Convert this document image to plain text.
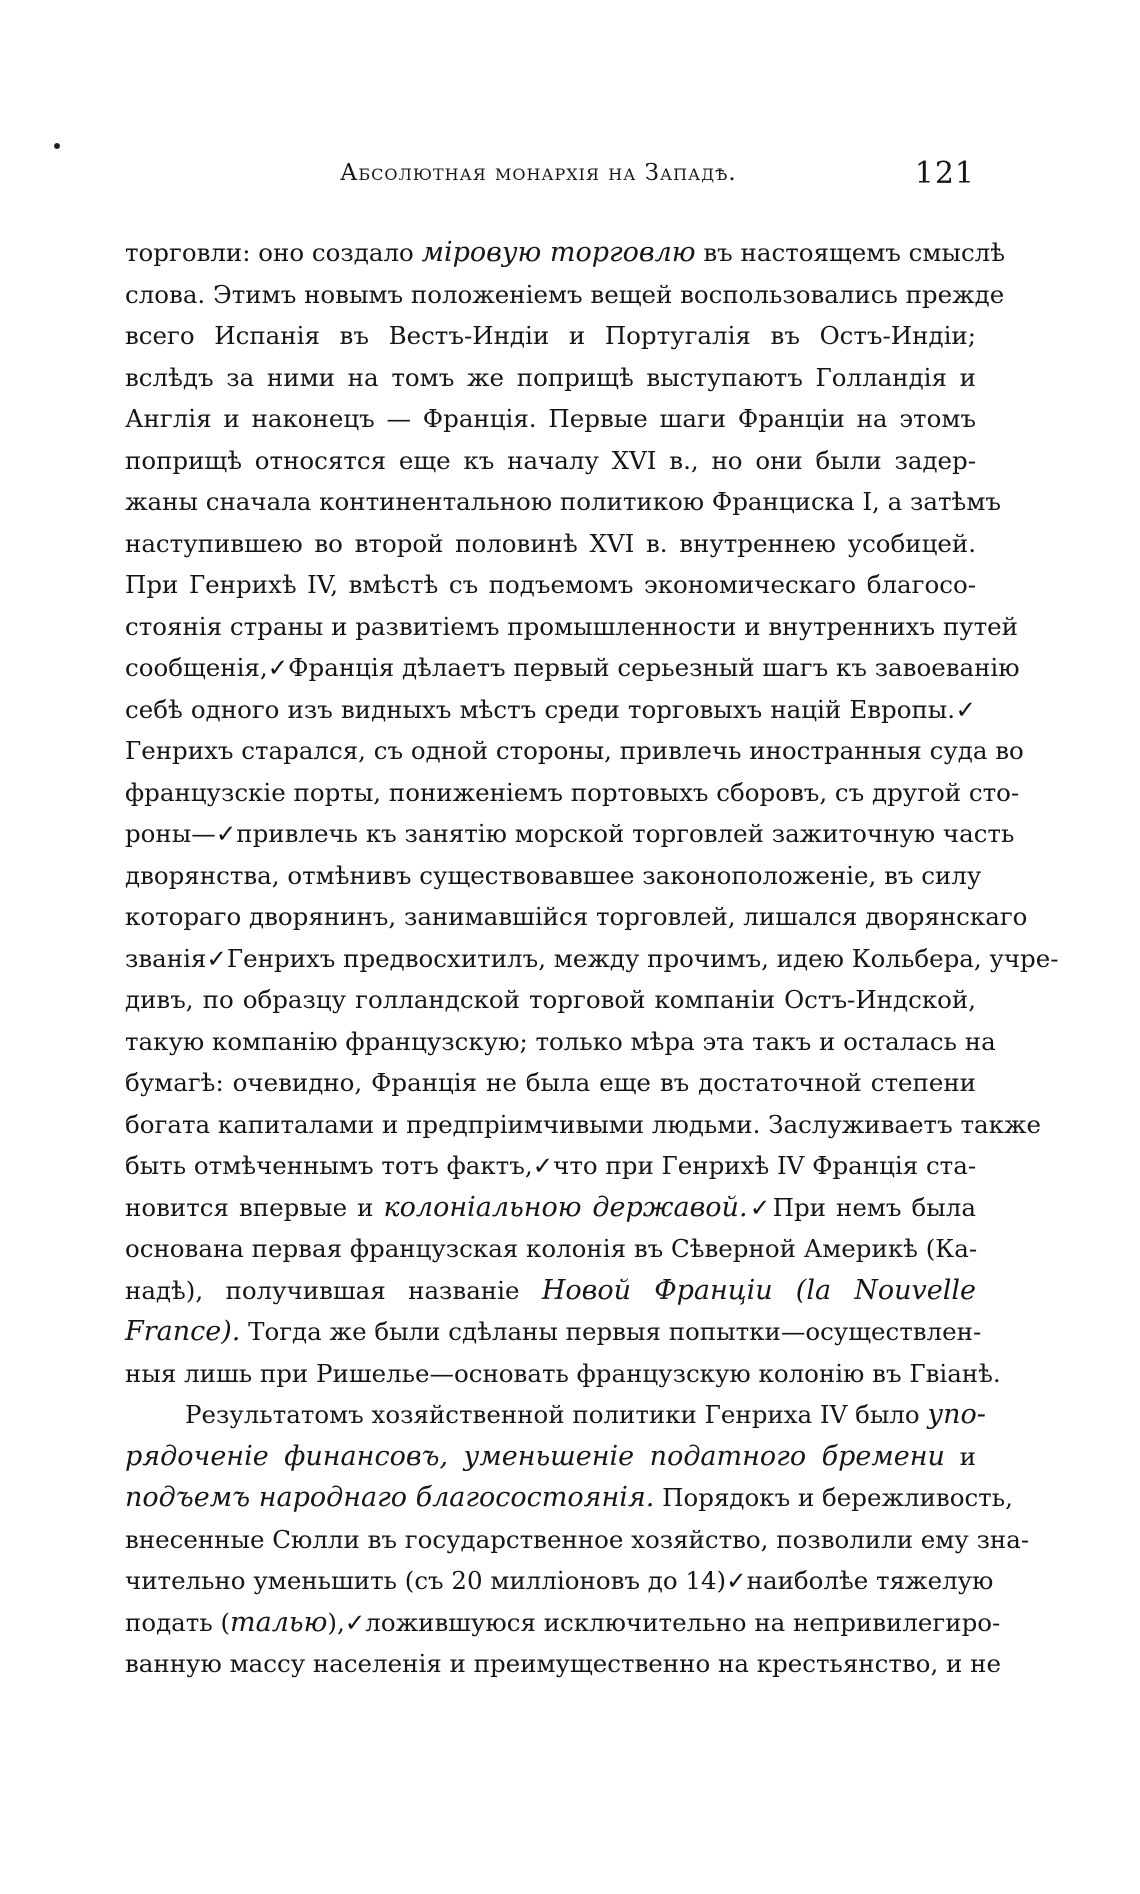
Абсолютная монархія на Западѣ.	121
торговли: оно создало міровую торговлю въ настоящемъ смыслѣ
слова. Этимъ новымъ положеніемъ вещей воспользовались прежде
всего Испанія въ Вестъ-Индіи и Португалія въ Остъ-Индіи;
вслѣдъ за ними на томъ же поприщѣ выступаютъ Голландія и
Англія и наконецъ — Франція. Первые шаги Франціи на этомъ
поприщѣ относятся еще къ началу XVI в., но они были задер-
жаны сначала континентальною политикою Франциска I, а затѣмъ
наступившею во второй половинѣ XVI в. внутреннею усобицей.
При Генрихѣ IV, вмѣстѣ съ подъемомъ экономическаго благосо-
стоянія страны и развитіемъ промышленности и внутреннихъ путей
сообщенія,✓Франція дѣлаетъ первый серьезный шагъ къ завоеванію
себѣ одного изъ видныхъ мѣстъ среди торговыхъ націй Европы.✓
Генрихъ старался, съ одной стороны, привлечь иностранныя суда во
французскіе порты, пониженіемъ портовыхъ сборовъ, съ другой сто-
роны—✓привлечь къ занятію морской торговлей зажиточную часть
дворянства, отмѣнивъ существовавшее законоположеніе, въ силу
котораго дворянинъ, занимавшійся торговлей, лишался дворянскаго
званія✓Генрихъ предвосхитилъ, между прочимъ, идею Кольбера, учре-
дивъ, по образцу голландской торговой компаніи Остъ-Индской,
такую компанію французскую; только мѣра эта такъ и осталась на
бумагѣ: очевидно, Франція не была еще въ достаточной степени
богата капиталами и предпріимчивыми людьми. Заслуживаетъ также
быть отмѣченнымъ тотъ фактъ,✓что при Генрихѣ IV Франція ста-
новится впервые и колоніальною державой.✓При немъ была
основана первая французская колонія въ Сѣверной Америкѣ (Ка-
надѣ), получившая названіе Новой Франціи (la Nouvelle
France). Тогда же были сдѣланы первыя попытки—осуществлен-
ныя лишь при Ришелье—основать французскую колонію въ Гвіанѣ.
Результатомъ хозяйственной политики Генриха IV было упо-
рядоченіе финансовъ, уменьшеніе податного бремени и
подъемъ народнаго благосостоянія. Порядокъ и бережливость,
внесенные Сюлли въ государственное хозяйство, позволили ему зна-
чительно уменьшить (съ 20 милліоновъ до 14)✓наиболѣе тяжелую
подать (талью),✓ложившуюся исключительно на непривилегиро-
ванную массу населенія и преимущественно на крестьянство, и не
